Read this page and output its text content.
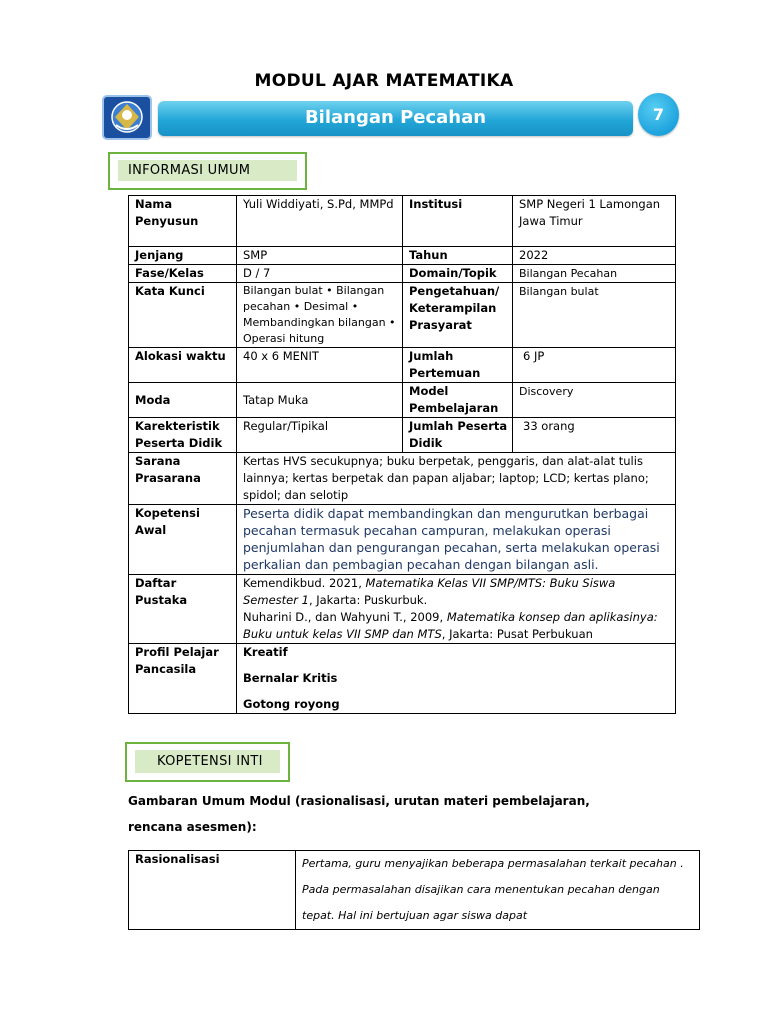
MODUL AJAR MATEMATIKA
Bilangan Pecahan	7
INFORMASI UMUM
Nama Penyusun	Yuli Widdiyati, S.Pd, MMPd	Institusi	SMP Negeri 1 Lamongan Jawa Timur
Jenjang	SMP	Tahun	2022
Fase/Kelas	D / 7	Domain/Topik	Bilangan Pecahan
Kata Kunci	Bilangan bulat • Bilangan pecahan • Desimal • Membandingkan bilangan • Operasi hitung	Pengetahuan/ Keterampilan Prasyarat	Bilangan bulat
Alokasi waktu	40 x 6 MENIT	Jumlah Pertemuan	6 JP
Moda	Tatap Muka	Model Pembelajaran	Discovery
Karekteristik Peserta Didik	Regular/Tipikal	Jumlah Peserta Didik	33 orang
Sarana Prasarana	Kertas HVS secukupnya; buku berpetak, penggaris, dan alat-alat tulis lainnya; kertas berpetak dan papan aljabar; laptop; LCD; kertas plano; spidol; dan selotip		
Kopetensi Awal	Peserta didik dapat membandingkan dan mengurutkan berbagai pecahan termasuk pecahan campuran, melakukan operasi penjumlahan dan pengurangan pecahan, serta melakukan operasi perkalian dan pembagian pecahan dengan bilangan asli.		
Daftar Pustaka	Kemendikbud. 2021, Matematika Kelas VII SMP/MTS: Buku Siswa Semester 1, Jakarta: Puskurbuk.
Nuharini D., dan Wahyuni T., 2009, Matematika konsep dan aplikasinya: Buku untuk kelas VII SMP dan MTS, Jakarta: Pusat Perbukuan		

Profil Pelajar Pancasila	Kreatif
Bernalar Kritis
Gotong royong		
KOPETENSI INTI
Gambaran Umum Modul (rasionalisasi, urutan materi pembelajaran, rencana asesmen):
Rasionalisasi	Pertama, guru menyajikan beberapa permasalahan terkait pecahan . Pada permasalahan disajikan cara menentukan pecahan dengan tepat. Hal ini bertujuan agar siswa dapat
